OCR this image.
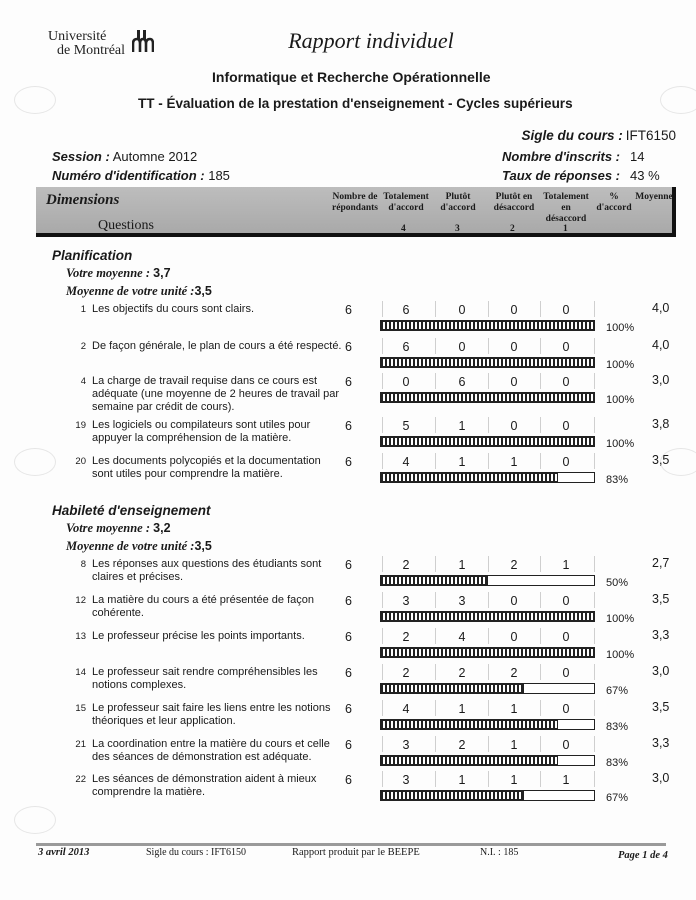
Université
de Montréal	Rapport individuel
Informatique et Recherche Opérationnelle
TT - Évaluation de la prestation d'enseignement - Cycles supérieurs
Sigle du cours : IFT6150
Session : Automne 2012	Nombre d'inscrits : 14
Numéro d'identification : 185	Taux de réponses : 43 %
Dimensions
Questions
Nombre de répondants
Totalement d'accord
Plutôt d'accord
Plutôt en désaccord
Totalement en désaccord
% d'accord
Moyenne
4	3	2	1
Planification
Votre moyenne : 3,7
Moyenne de votre unité :3,5
1 Les objectifs du cours sont clairs.	6	6	0	0	0	4,0
100%
2 De façon générale, le plan de cours a été respecté. 6	6	0	0	0	4,0
100%
4 La charge de travail requise dans ce cours est adéquate (une moyenne de 2 heures de travail par semaine par crédit de cours).
6	0	6	0	0	3,0
100%
19 Les logiciels ou compilateurs sont utiles pour appuyer la compréhension de la matière.
6	5	1	0	0	3,8
100%
20 Les documents polycopiés et la documentation sont utiles pour comprendre la matière.
6	4	1	1	0	3,5
83%
Habileté d'enseignement
Votre moyenne : 3,2
Moyenne de votre unité :3,5
8 Les réponses aux questions des étudiants sont claires et précises.
6	2	1	2	1	2,7
50%
12 La matière du cours a été présentée de façon cohérente.
6	3	3	0	0	3,5
100%
13 Le professeur précise les points importants.	6	2	4	0	0	3,3
100%
14 Le professeur sait rendre compréhensibles les notions complexes.
6	2	2	2	0	3,0
67%
15 Le professeur sait faire les liens entre les notions théoriques et leur application.
6	4	1	1	0	3,5
83%
21 La coordination entre la matière du cours et celle des séances de démonstration est adéquate.
6	3	2	1	0	3,3
83%
22 Les séances de démonstration aident à mieux comprendre la matière.
6	3	1	1	1	3,0
67%
3 avril 2013	Sigle du cours : IFT6150	Rapport produit par le BEEPE	N.I. : 185	Page 1 de 4
